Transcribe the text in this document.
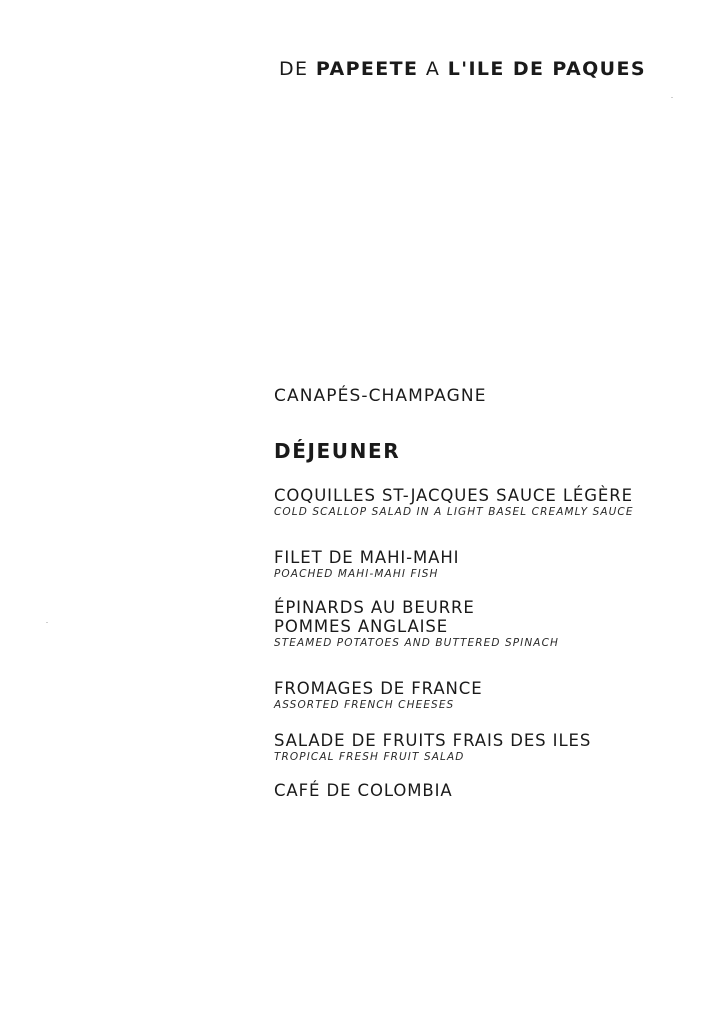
DE PAPEETE A L'ILE DE PAQUES
CANAPÉS-CHAMPAGNE
DÉJEUNER
COQUILLES ST-JACQUES SAUCE LÉGÈRE
COLD SCALLOP SALAD IN A LIGHT BASEL CREAMLY SAUCE
FILET DE MAHI-MAHI
POACHED MAHI-MAHI FISH
ÉPINARDS AU BEURRE
POMMES ANGLAISE
STEAMED POTATOES AND BUTTERED SPINACH
FROMAGES DE FRANCE
ASSORTED FRENCH CHEESES
SALADE DE FRUITS FRAIS DES ILES
TROPICAL FRESH FRUIT SALAD
CAFÉ DE COLOMBIA
